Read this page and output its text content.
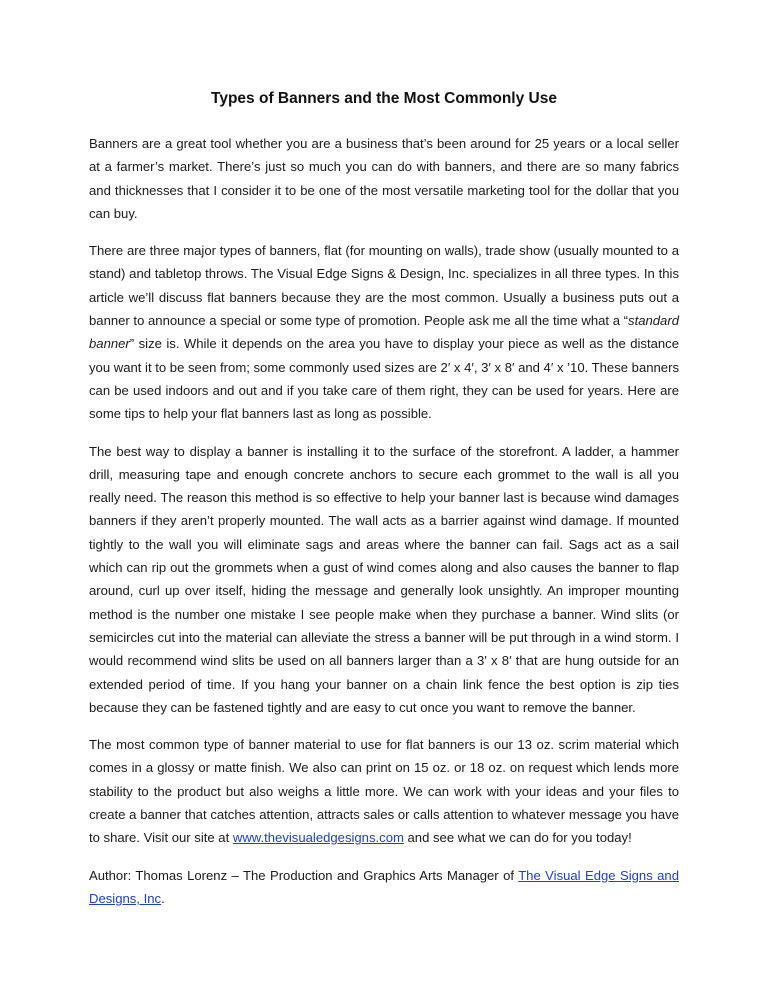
Types of Banners and the Most Commonly Use

Banners are a great tool whether you are a business that’s been around for 25 years or a local seller at a farmer’s market. There’s just so much you can do with banners, and there are so many fabrics and thicknesses that I consider it to be one of the most versatile marketing tool for the dollar that you can buy.

There are three major types of banners, flat (for mounting on walls), trade show (usually mounted to a stand) and tabletop throws. The Visual Edge Signs & Design, Inc. specializes in all three types. In this article we’ll discuss flat banners because they are the most common. Usually a business puts out a banner to announce a special or some type of promotion. People ask me all the time what a “standard banner” size is. While it depends on the area you have to display your piece as well as the distance you want it to be seen from; some commonly used sizes are 2′ x 4′, 3′ x 8′ and 4′ x ’10. These banners can be used indoors and out and if you take care of them right, they can be used for years. Here are some tips to help your flat banners last as long as possible.

The best way to display a banner is installing it to the surface of the storefront. A ladder, a hammer drill, measuring tape and enough concrete anchors to secure each grommet to the wall is all you really need. The reason this method is so effective to help your banner last is because wind damages banners if they aren’t properly mounted. The wall acts as a barrier against wind damage. If mounted tightly to the wall you will eliminate sags and areas where the banner can fail. Sags act as a sail which can rip out the grommets when a gust of wind comes along and also causes the banner to flap around, curl up over itself, hiding the message and generally look unsightly. An improper mounting method is the number one mistake I see people make when they purchase a banner. Wind slits (or semicircles cut into the material can alleviate the stress a banner will be put through in a wind storm. I would recommend wind slits be used on all banners larger than a 3′ x 8′ that are hung outside for an extended period of time. If you hang your banner on a chain link fence the best option is zip ties because they can be fastened tightly and are easy to cut once you want to remove the banner.

The most common type of banner material to use for flat banners is our 13 oz. scrim material which comes in a glossy or matte finish. We also can print on 15 oz. or 18 oz. on request which lends more stability to the product but also weighs a little more. We can work with your ideas and your files to create a banner that catches attention, attracts sales or calls attention to whatever message you have to share. Visit our site at www.thevisualedgesigns.com and see what we can do for you today!

Author: Thomas Lorenz – The Production and Graphics Arts Manager of The Visual Edge Signs and Designs, Inc.
